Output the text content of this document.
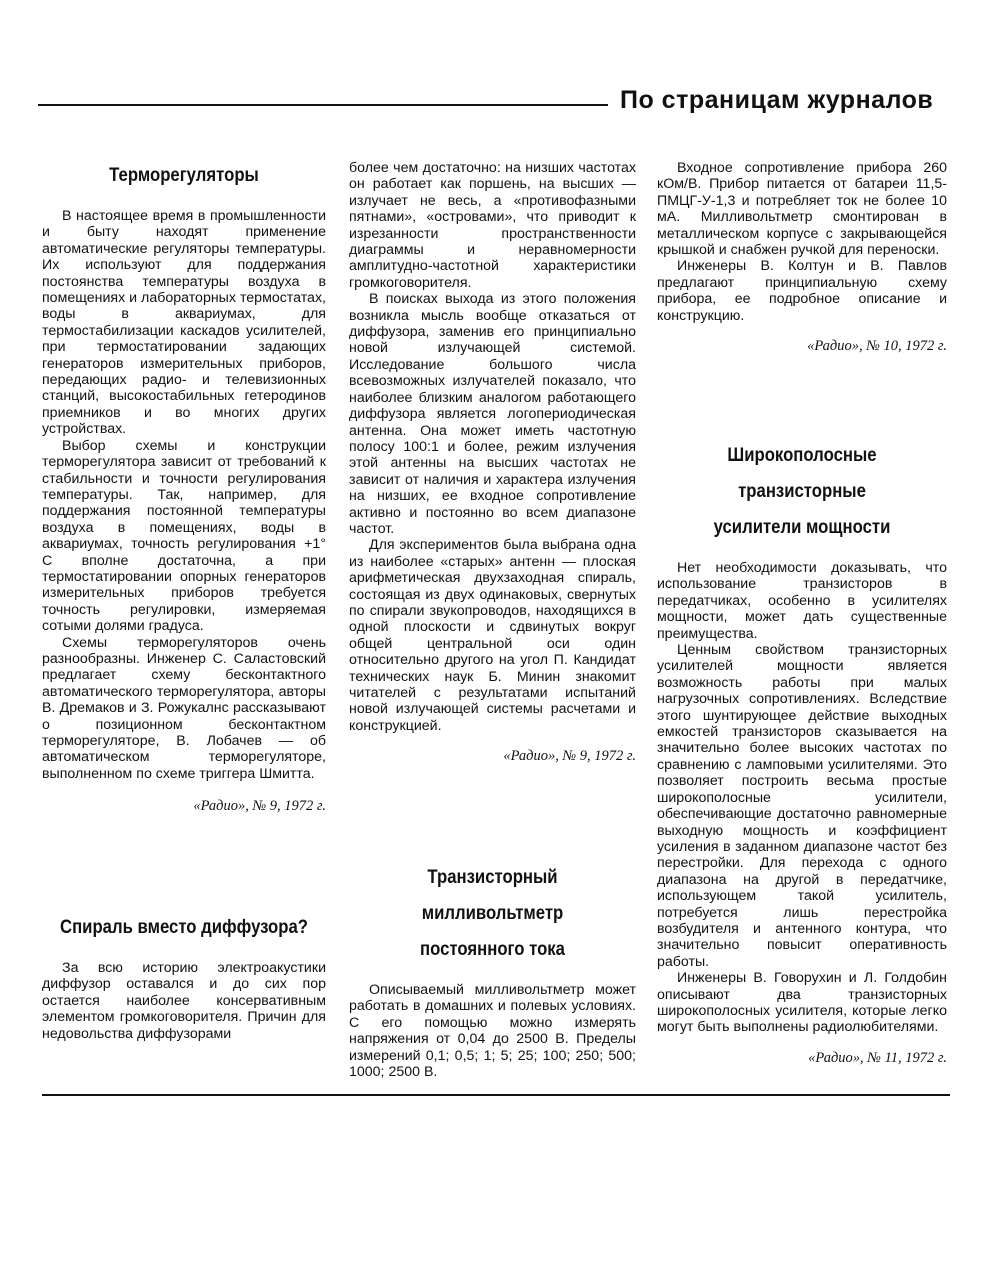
По страницам журналов
Терморегуляторы

В настоящее время в промышленности и быту находят применение автоматические регуляторы температуры. Их используют для поддержания постоянства температуры воздуха в помещениях и лабораторных термостатах, воды в аквариумах, для термостабилизации каскадов усилителей, при термостатировании задающих генераторов измерительных приборов, передающих радио- и телевизионных станций, высокостабильных гетеродинов приемников и во многих других устройствах.

Выбор схемы и конструкции терморегулятора зависит от требований к стабильности и точности регулирования температуры. Так, например, для поддержания постоянной температуры воздуха в помещениях, воды в аквариумах, точность регулирования +1° С вполне достаточна, а при термостатировании опорных генераторов измерительных приборов требуется точность регулировки, измеряемая сотыми долями градуса.

Схемы терморегуляторов очень разнообразны. Инженер С. Саластовский предлагает схему бесконтактного автоматического терморегулятора, авторы В. Дремаков и З. Рожукалнс рассказывают о позиционном бесконтактном терморегуляторе, В. Лобачев — об автоматическом терморегуляторе, выполненном по схеме триггера Шмитта.

«Радио», № 9, 1972 г.

Спираль вместо диффузора?

За всю историю электроакустики диффузор оставался и до сих пор остается наиболее консервативным элементом громкоговорителя. Причин для недовольства диффузорами

более чем достаточно: на низших частотах он работает как поршень, на высших — излучает не весь, а «противофазными пятнами», «островами», что приводит к изрезанности пространственности диаграммы и неравномерности амплитудно-частотной характеристики громкоговорителя.

В поисках выхода из этого положения возникла мысль вообще отказаться от диффузора, заменив его принципиально новой излучающей системой. Исследование большого числа всевозможных излучателей показало, что наиболее близким аналогом работающего диффузора является логопериодическая антенна. Она может иметь частотную полосу 100:1 и более, режим излучения этой антенны на высших частотах не зависит от наличия и характера излучения на низших, ее входное сопротивление активно и постоянно во всем диапазоне частот.

Для экспериментов была выбрана одна из наиболее «старых» антенн — плоская арифметическая двухзаходная спираль, состоящая из двух одинаковых, свернутых по спирали звукопроводов, находящихся в одной плоскости и сдвинутых вокруг общей центральной оси один относительно другого на угол П. Кандидат технических наук Б. Минин знакомит читателей с результатами испытаний новой излучающей системы расчетами и конструкцией.

«Радио», № 9, 1972 г.

Транзисторный милливольтметр
постоянного тока

Описываемый милливольтметр может работать в домашних и полевых условиях. С его помощью можно измерять напряжения от 0,04 до 2500 В. Пределы измерений 0,1; 0,5; 1; 5; 25; 100; 250; 500; 1000; 2500 В.

Входное сопротивление прибора 260 кОм/В. Прибор питается от батареи 11,5-ПМЦГ-У-1,3 и потребляет ток не более 10 мА. Милливольтметр смонтирован в металлическом корпусе с закрывающейся крышкой и снабжен ручкой для переноски.

Инженеры В. Колтун и В. Павлов предлагают принципиальную схему прибора, ее подробное описание и конструкцию.

«Радио», № 10, 1972 г.

Широкополосные транзисторные
усилители мощности

Нет необходимости доказывать, что использование транзисторов в передатчиках, особенно в усилителях мощности, может дать существенные преимущества.

Ценным свойством транзисторных усилителей мощности является возможность работы при малых нагрузочных сопротивлениях. Вследствие этого шунтирующее действие выходных емкостей транзисторов сказывается на значительно более высоких частотах по сравнению с ламповыми усилителями. Это позволяет построить весьма простые широкополосные усилители, обеспечивающие достаточно равномерные выходную мощность и коэффициент усиления в заданном диапазоне частот без перестройки. Для перехода с одного диапазона на другой в передатчике, использующем такой усилитель, потребуется лишь перестройка возбудителя и антенного контура, что значительно повысит оперативность работы.

Инженеры В. Говорухин и Л. Голдобин описывают два транзисторных широкополосных усилителя, которые легко могут быть выполнены радиолюбителями.

«Радио», № 11, 1972 г.
